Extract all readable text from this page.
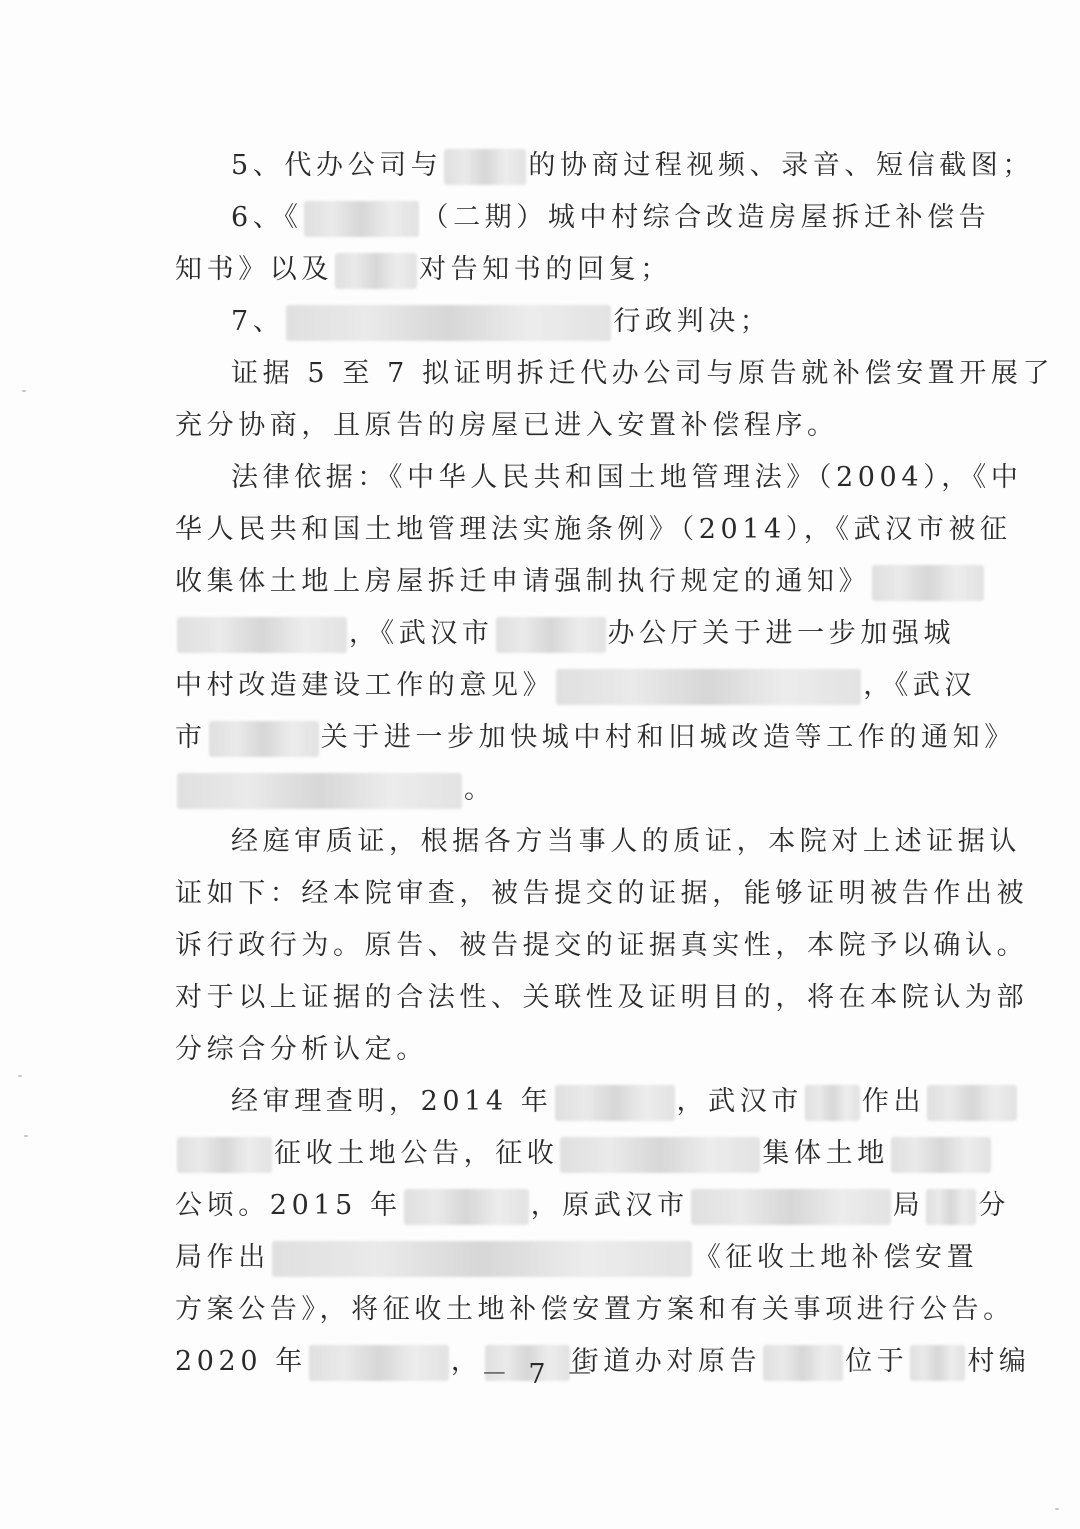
5、代办公司与	的协商过程视频、录音、短信截图；
6、《	（二期）城中村综合改造房屋拆迁补偿告
知书》以及	对告知书的回复；
7、	行政判决；
证据 5 至 7 拟证明拆迁代办公司与原告就补偿安置开展了
充分协商，且原告的房屋已进入安置补偿程序。
法律依据：《中华人民共和国土地管理法》（2004），《中
华人民共和国土地管理法实施条例》（2014），《武汉市被征
收集体土地上房屋拆迁申请强制执行规定的通知》
，《武汉市	办公厅关于进一步加强城
中村改造建设工作的意见》	，《武汉
市	关于进一步加快城中村和旧城改造等工作的通知》
。
经庭审质证，根据各方当事人的质证，本院对上述证据认
证如下：经本院审查，被告提交的证据，能够证明被告作出被
诉行政行为。原告、被告提交的证据真实性，本院予以确认。
对于以上证据的合法性、关联性及证明目的，将在本院认为部
分综合分析认定。
经审理查明，2014 年	，武汉市 作出
征收土地公告，征收	集体土地
公顷。2015 年	，原武汉市	局 分
局作出	《征收土地补偿安置
方案公告》，将征收土地补偿安置方案和有关事项进行公告。
2020 年	，	街道办对原告	位于 村编
－ 7 －
